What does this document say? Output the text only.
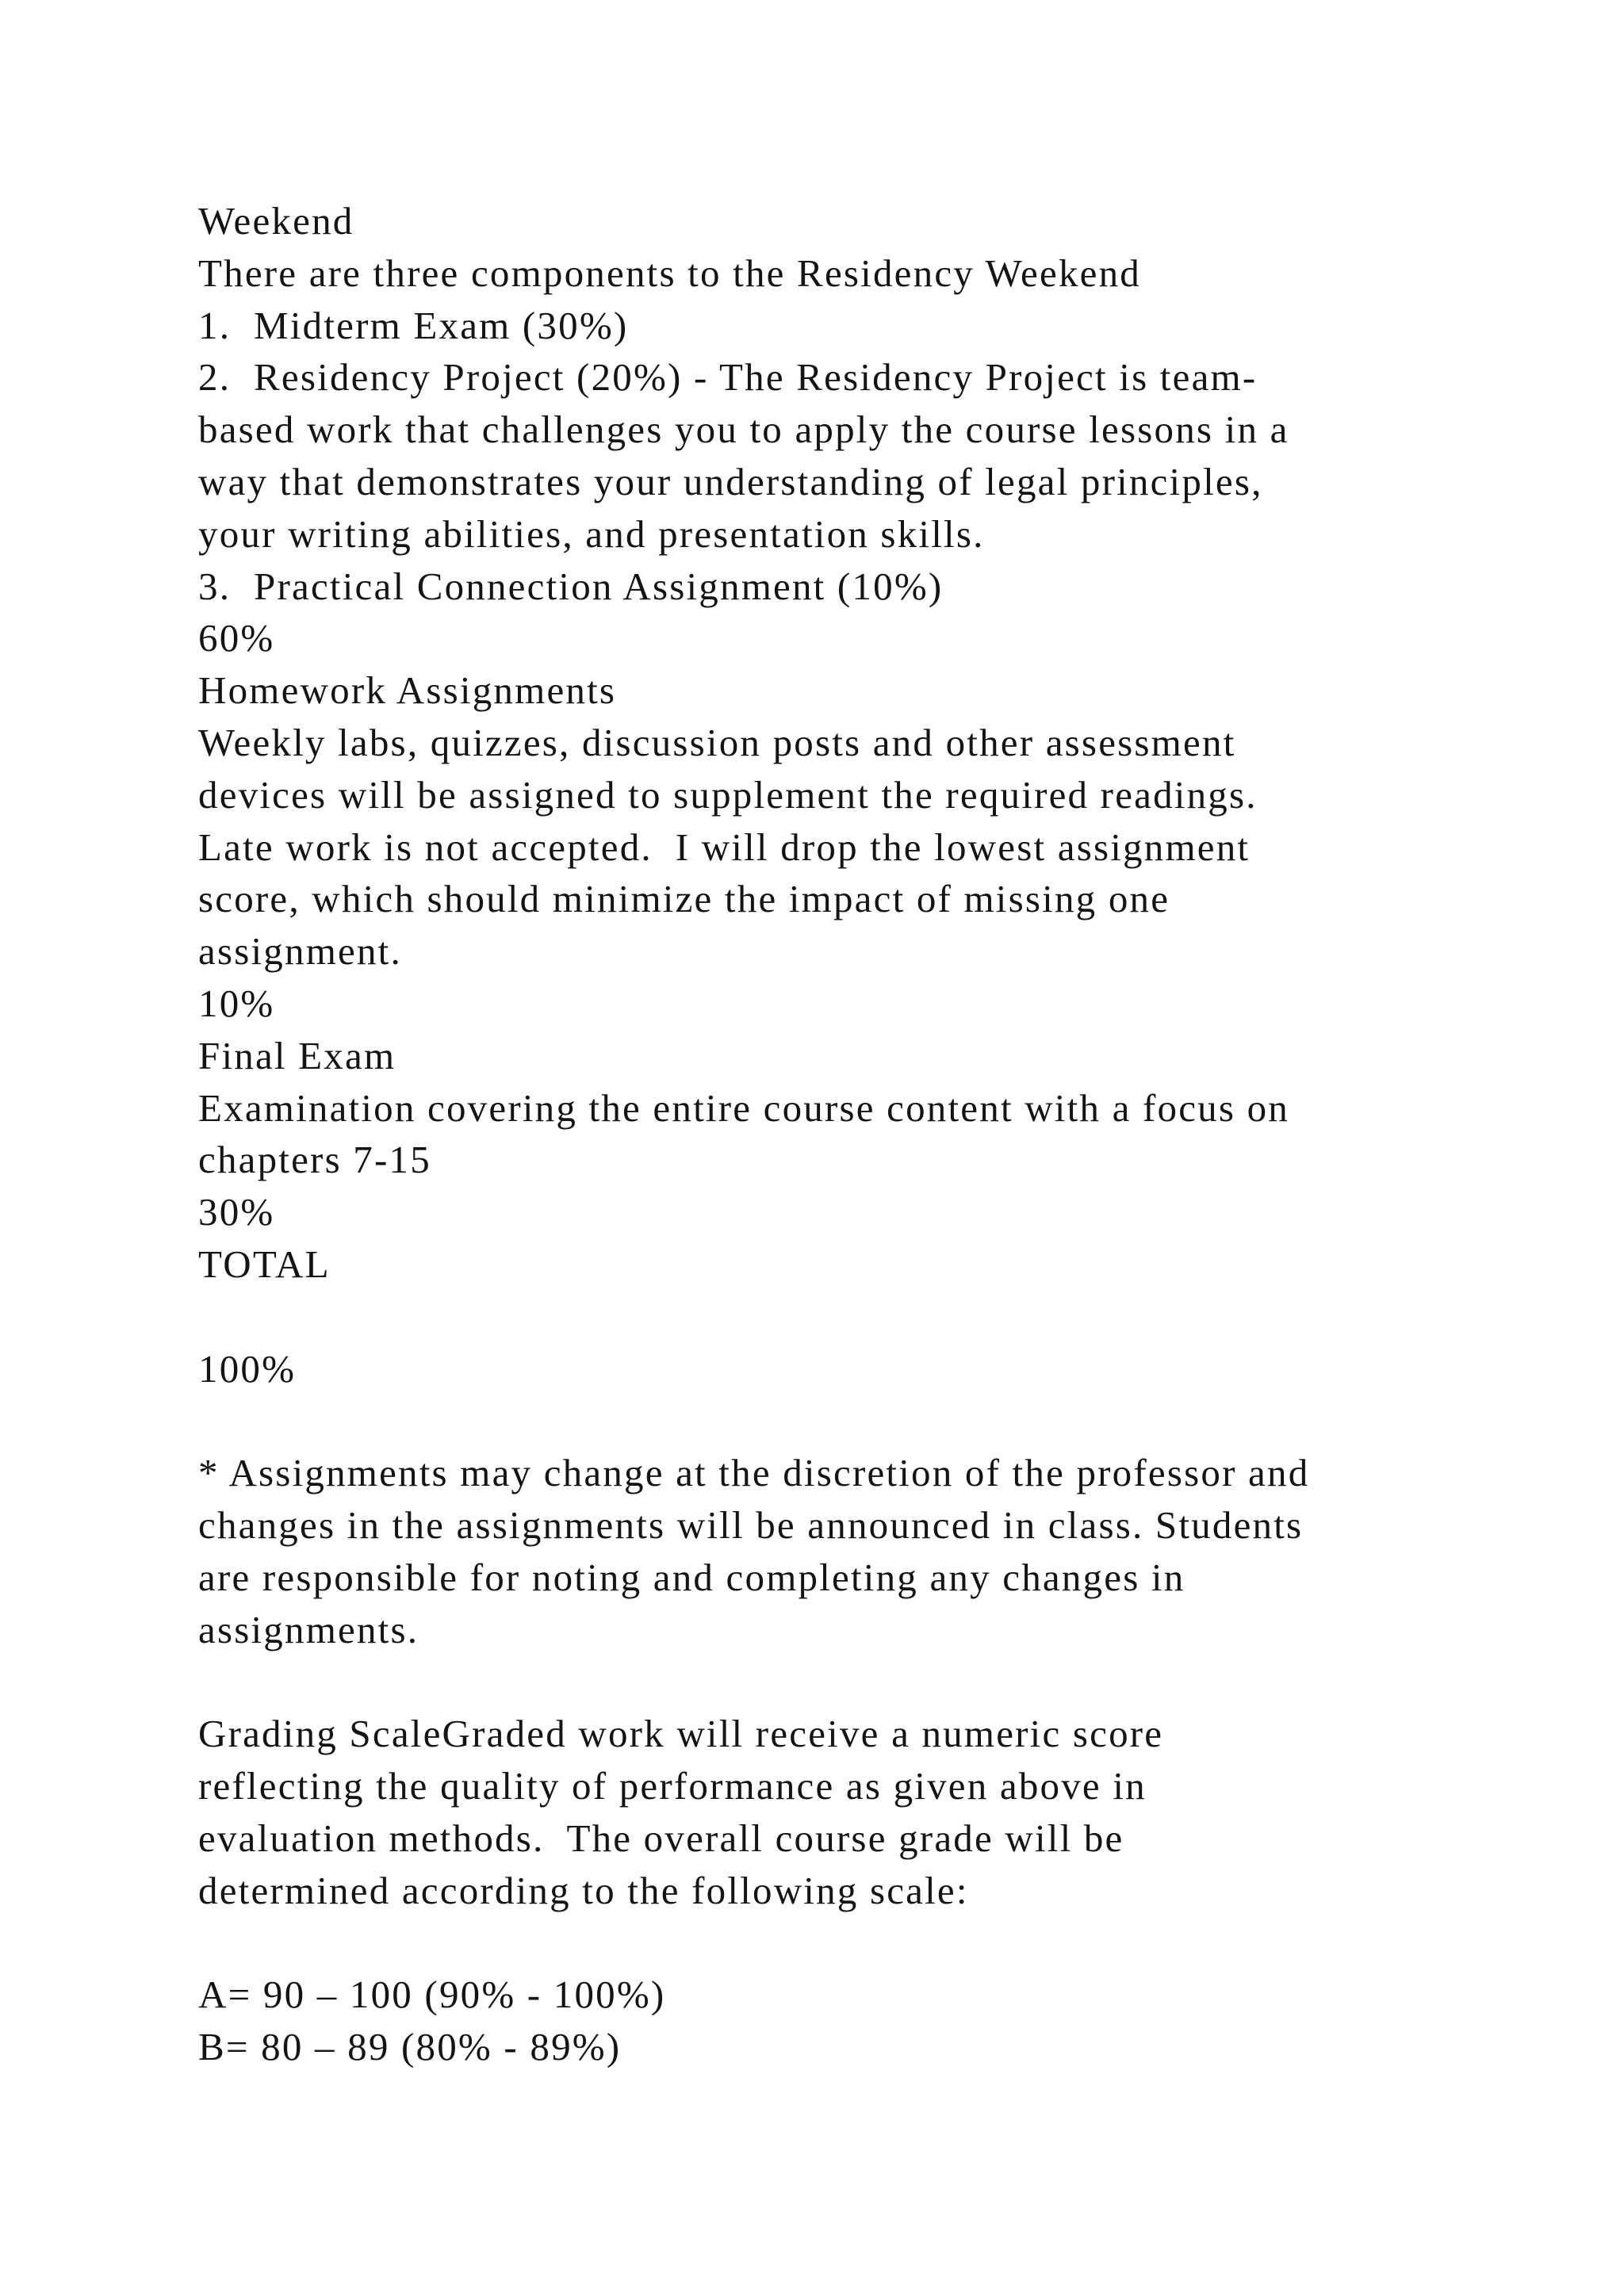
Weekend
There are three components to the Residency Weekend
1.  Midterm Exam (30%)
2.  Residency Project (20%) - The Residency Project is team-
based work that challenges you to apply the course lessons in a
way that demonstrates your understanding of legal principles,
your writing abilities, and presentation skills.
3.  Practical Connection Assignment (10%)
60%
Homework Assignments
Weekly labs, quizzes, discussion posts and other assessment
devices will be assigned to supplement the required readings.
Late work is not accepted.  I will drop the lowest assignment
score, which should minimize the impact of missing one
assignment.
10%
Final Exam
Examination covering the entire course content with a focus on
chapters 7-15
30%
TOTAL
100%
* Assignments may change at the discretion of the professor and
changes in the assignments will be announced in class. Students
are responsible for noting and completing any changes in
assignments.
Grading ScaleGraded work will receive a numeric score
reflecting the quality of performance as given above in
evaluation methods.  The overall course grade will be
determined according to the following scale:
A= 90 – 100 (90% - 100%)
B= 80 – 89 (80% - 89%)
